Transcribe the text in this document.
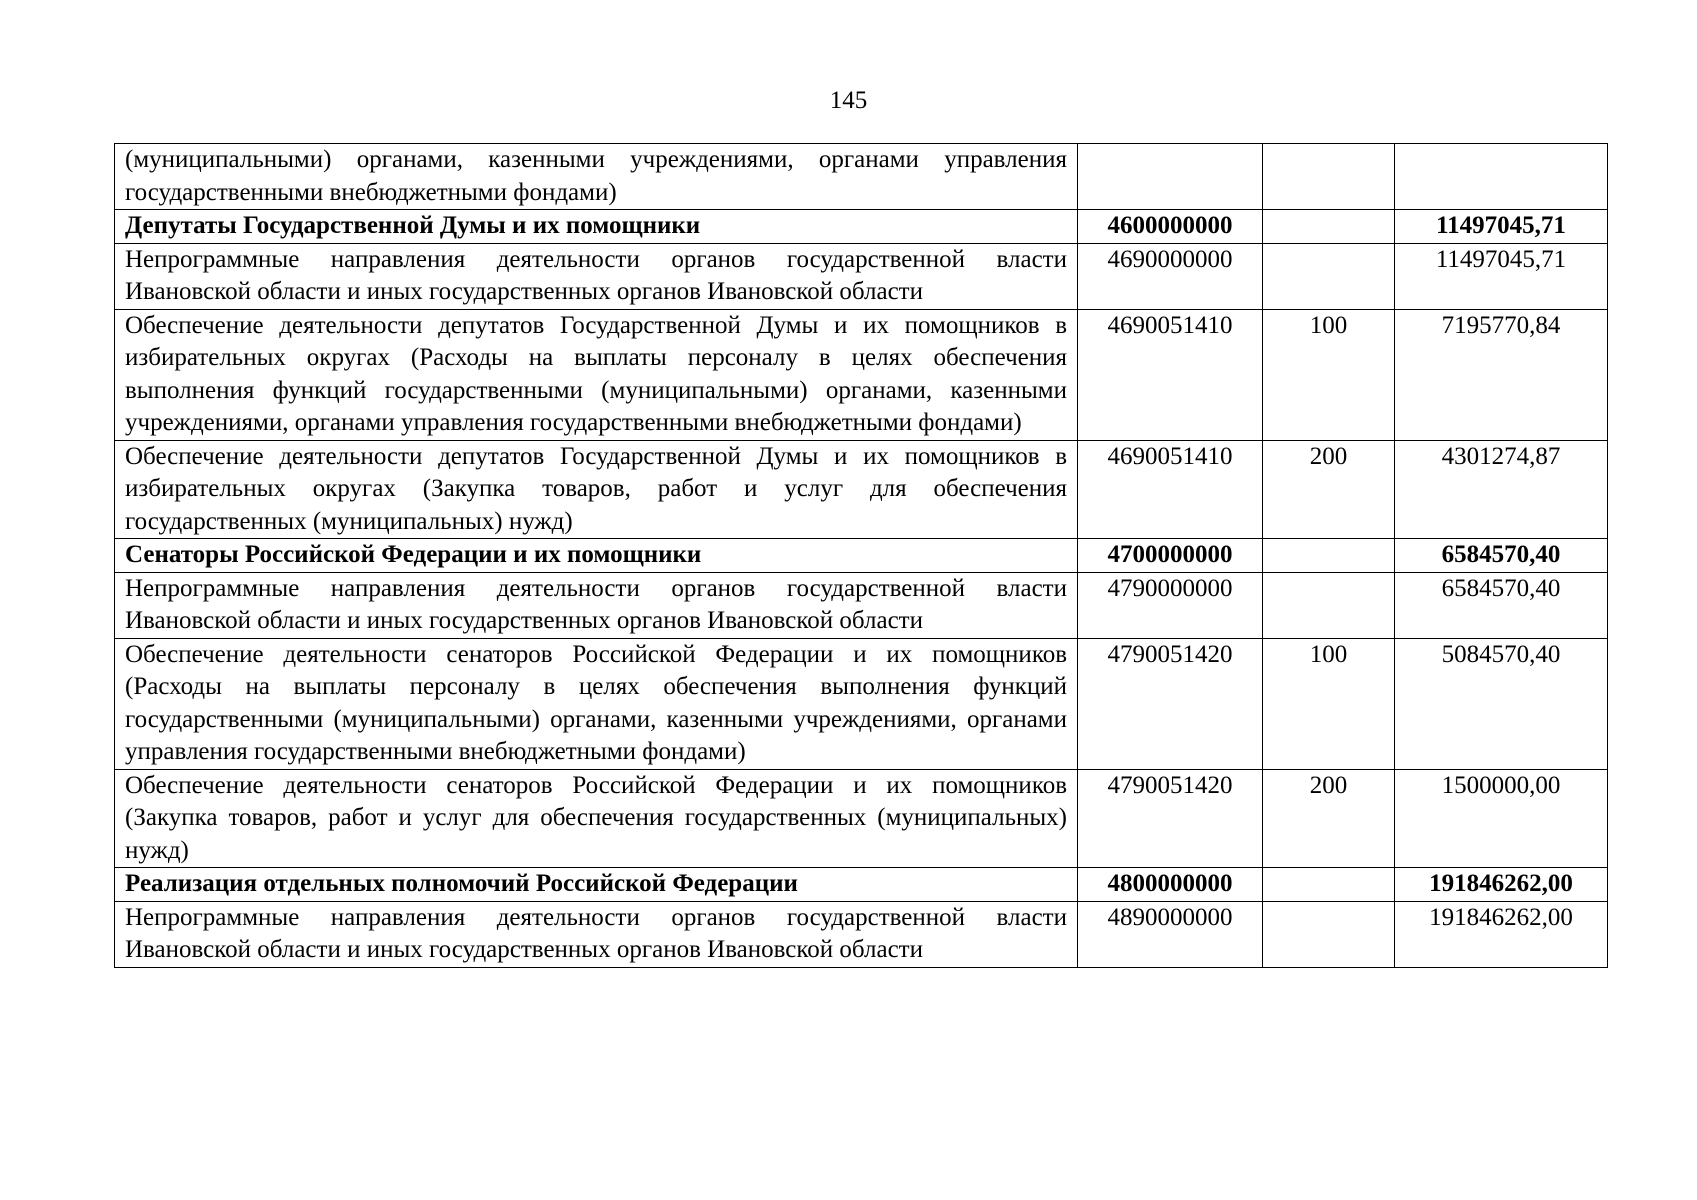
145
(муниципальными) органами, казенными учреждениями, органами управления государственными внебюджетными фондами)			
Депутаты Государственной Думы и их помощники	4600000000		11497045,71
Непрограммные направления деятельности органов государственной власти Ивановской области и иных государственных органов Ивановской области	4690000000		11497045,71
Обеспечение деятельности депутатов Государственной Думы и их помощников в избирательных округах (Расходы на выплаты персоналу в целях обеспечения выполнения функций государственными (муниципальными) органами, казенными учреждениями, органами управления государственными внебюджетными фондами)	4690051410	100	7195770,84
Обеспечение деятельности депутатов Государственной Думы и их помощников в избирательных округах (Закупка товаров, работ и услуг для обеспечения государственных (муниципальных) нужд)	4690051410	200	4301274,87
Сенаторы Российской Федерации и их помощники	4700000000		6584570,40
Непрограммные направления деятельности органов государственной власти Ивановской области и иных государственных органов Ивановской области	4790000000		6584570,40
Обеспечение деятельности сенаторов Российской Федерации и их помощников (Расходы на выплаты персоналу в целях обеспечения выполнения функций государственными (муниципальными) органами, казенными учреждениями, органами управления государственными внебюджетными фондами)	4790051420	100	5084570,40
Обеспечение деятельности сенаторов Российской Федерации и их помощников (Закупка товаров, работ и услуг для обеспечения государственных (муниципальных) нужд)	4790051420	200	1500000,00
Реализация отдельных полномочий Российской Федерации	4800000000		191846262,00
Непрограммные направления деятельности органов государственной власти Ивановской области и иных государственных органов Ивановской области	4890000000		191846262,00
